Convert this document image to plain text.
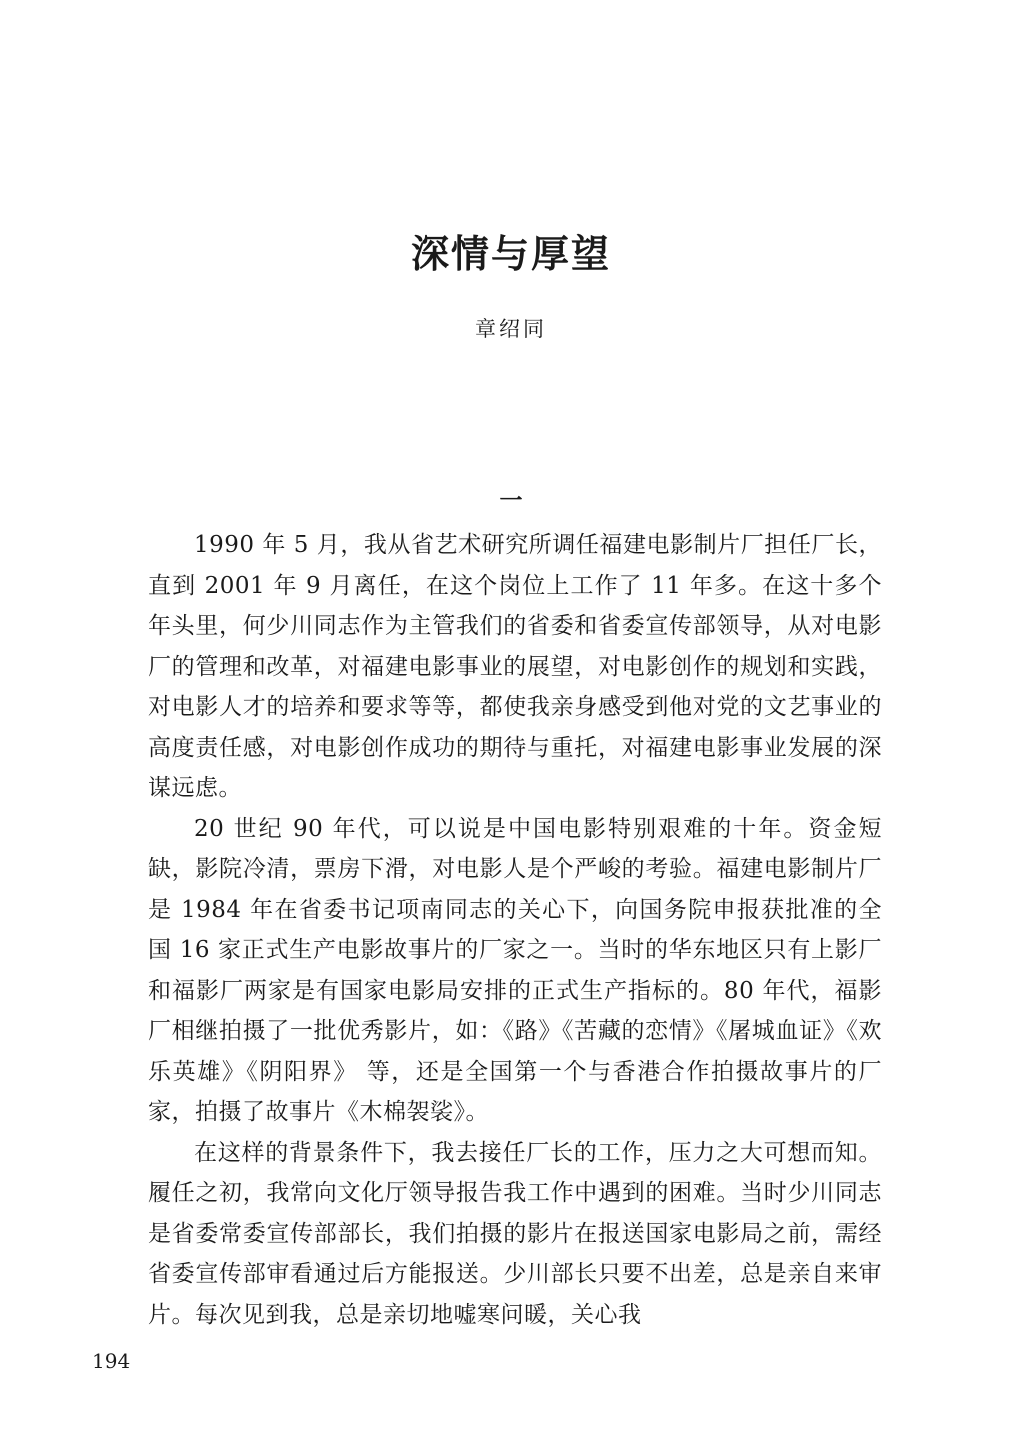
深情与厚望
章绍同
一

1990 年 5 月，我从省艺术研究所调任福建电影制片厂担任厂长，直到 2001 年 9 月离任，在这个岗位上工作了 11 年多。在这十多个年头里，何少川同志作为主管我们的省委和省委宣传部领导，从对电影厂的管理和改革，对福建电影事业的展望，对电影创作的规划和实践，对电影人才的培养和要求等等，都使我亲身感受到他对党的文艺事业的高度责任感，对电影创作成功的期待与重托，对福建电影事业发展的深谋远虑。

20 世纪 90 年代，可以说是中国电影特别艰难的十年。资金短缺，影院冷清，票房下滑，对电影人是个严峻的考验。福建电影制片厂是 1984 年在省委书记项南同志的关心下，向国务院申报获批准的全国 16 家正式生产电影故事片的厂家之一。当时的华东地区只有上影厂和福影厂两家是有国家电影局安排的正式生产指标的。80 年代，福影厂相继拍摄了一批优秀影片，如：《路》《苦藏的恋情》《屠城血证》《欢乐英雄》《阴阳界》 等，还是全国第一个与香港合作拍摄故事片的厂家，拍摄了故事片《木棉袈裟》。

在这样的背景条件下，我去接任厂长的工作，压力之大可想而知。履任之初，我常向文化厅领导报告我工作中遇到的困难。当时少川同志是省委常委宣传部部长，我们拍摄的影片在报送国家电影局之前，需经省委宣传部审看通过后方能报送。少川部长只要不出差，总是亲自来审片。每次见到我，总是亲切地嘘寒问暖，关心我

194
